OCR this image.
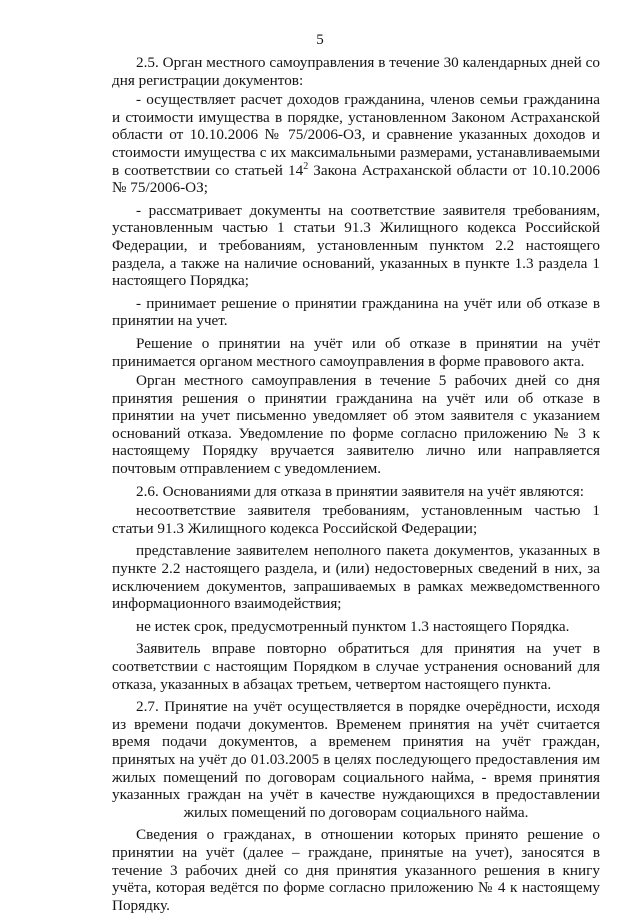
5

2.5. Орган местного самоуправления в течение 30 календарных дней со дня регистрации документов:

- осуществляет расчет доходов гражданина, членов семьи гражданина и стоимости имущества в порядке, установленном Законом Астраханской области от 10.10.2006 № 75/2006-ОЗ, и сравнение указанных доходов и стоимости имущества с их максимальными размерами, устанавливаемыми в соответствии со статьей $14^2$ Закона Астраханской области от 10.10.2006 № 75/2006-ОЗ;

- рассматривает документы на соответствие заявителя требованиям, установленным частью 1 статьи 91.3 Жилищного кодекса Российской Федерации, и требованиям, установленным пунктом 2.2 настоящего раздела, а также на наличие оснований, указанных в пункте 1.3 раздела 1 настоящего Порядка;

- принимает решение о принятии гражданина на учёт или об отказе в принятии на учет.

Решение о принятии на учёт или об отказе в принятии на учёт принимается органом местного самоуправления в форме правового акта.

Орган местного самоуправления в течение 5 рабочих дней со дня принятия решения о принятии гражданина на учёт или об отказе в принятии на учет письменно уведомляет об этом заявителя с указанием оснований отказа. Уведомление по форме согласно приложению № 3 к настоящему Порядку вручается заявителю лично или направляется почтовым отправлением с уведомлением.

2.6. Основаниями для отказа в принятии заявителя на учёт являются:

несоответствие заявителя требованиям, установленным частью 1 статьи 91.3 Жилищного кодекса Российской Федерации;

представление заявителем неполного пакета документов, указанных в пункте 2.2 настоящего раздела, и (или) недостоверных сведений в них, за исключением документов, запрашиваемых в рамках межведомственного информационного взаимодействия;

не истек срок, предусмотренный пунктом 1.3 настоящего Порядка.

Заявитель вправе повторно обратиться для принятия на учет в соответствии с настоящим Порядком в случае устранения оснований для отказа, указанных в абзацах третьем, четвертом настоящего пункта.

2.7. Принятие на учёт осуществляется в порядке очерёдности, исходя из времени подачи документов. Временем принятия на учёт считается время подачи документов, а временем принятия на учёт граждан, принятых на учёт до 01.03.2005 в целях последующего предоставления им жилых помещений по договорам социального найма, - время принятия указанных граждан на учёт в качестве нуждающихся в предоставлении жилых помещений по договорам социального найма.

Сведения о гражданах, в отношении которых принято решение о принятии на учёт (далее – граждане, принятые на учет), заносятся в течение 3 рабочих дней со дня принятия указанного решения в книгу учёта, которая ведётся по форме согласно приложению № 4 к настоящему Порядку.
